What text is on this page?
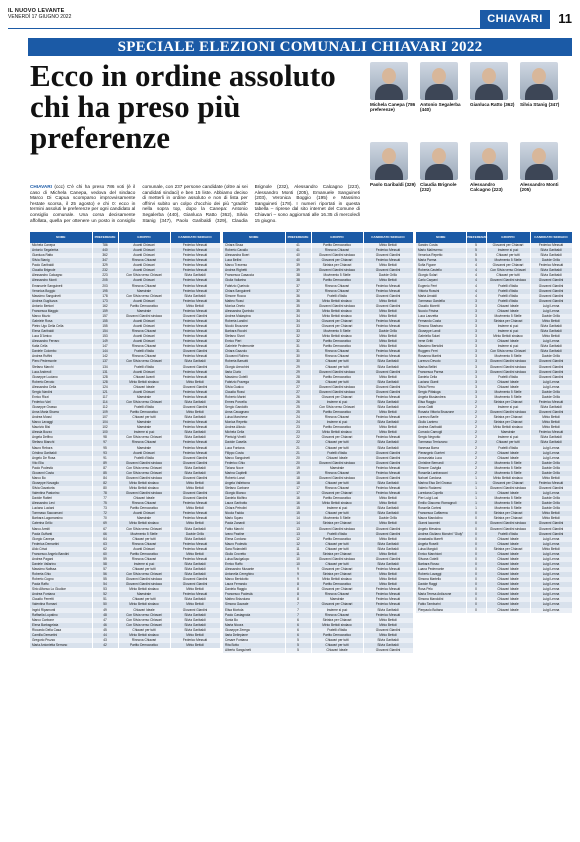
IL NUOVO LEVANTE
VENERDÌ 17 GIUGNO 2022	CHIAVARI	11
SPECIALE ELEZIONI COMUNALI CHIAVARI 2022
Ecco in ordine assoluto chi ha preso più preferenze
Michela Canepa (786 preferenze)
Antonio Segalerba (440)
Gianluca Ratto (362)	Silvia Stanig (347)
Paolo Garibaldi (329) Claudia Brignole (232)
Alessandro Calcagno (223)
Alessandro Monti (205)
CHIAVARI (ccc) C'è chi ha preso 786 voti (è il caso di Michela Canepa, vedova del sindaco Marco Di Capua scomparso improvvisamente l'estate scorsa, il 25 agosto) e chi 0: ecco in termini assoluti le preferenze per ogni candidato al consiglio comunale. Una corsa decisamente affollata, quella per ottenere un posto in consiglio comunale, con 237 persone candidate (oltre ai sei candidati sindaci) e ben 15 liste. Abbiamo deciso di metterli in ordine assoluto e non di lista per offrirvi subito un colpo d'occhio dei più "graditi" nella sopra top, dopo la Canepa: Antonio Segalerba (440), Gianluca Ratto (362), Silvia Stanig (347), Paolo Garibaldi (329), Claudia Brignole (232), Alessandro Calcagno (223), Alessandro Monti (205), Emanuele Sanguineti (203), Veronica Boggio (195) e Massimo Sanguineti (178). I numeri riportati in questa tabella – riprese dal sito internet del Comune di Chiavari – sono aggiornati alle 16.35 di mercoledì 15 giugno.
NOME	PREFERENZE	GRUPPO	CANDIDATO SINDACO
Michela Canepa	786	Avanti Chiavari	Federico Messuti
Antonio Segalerba	440	Avanti Chiavari	Federico Messuti
Gianluca Ratto	362	Avanti Chiavari	Federico Messuti
Silvia Stanig	347	Rinnova Chiavari	Federico Messuti
Paolo Garibaldi	329	Avanti Chiavari	Federico Messuti
Claudia Brignole	232	Avanti Chiavari	Federico Messuti
Alessandro Calcagno	223	Con Silvia verso Chiavari	Silvia Garibaldi
Alessandro Monti	205	Avanti Chiavari	Federico Messuti
Emanuele Sanguineti	203	Rinnova Chiavari	Federico Messuti
Veronica Boggio	195	Maestrale	Federico Messuti
Massimo Sanguineti	178	Con Silvia verso Chiavari	Silvia Garibaldi
Andrea Gugliuzza	173	Avanti Chiavari	Federico Messuti
Antonio Bertoni	162	Partito Democratico	Mirko Bettoli
Francesca Maggio	159	Maestrale	Federico Messuti
Marco Muzio	157	Giovanni Giardini sindaco	Giovanni Giardini
Gabriele Rosa	155	Avanti Chiavari	Federico Messuti
Pietro Ugo Della Cella	155	Avanti Chiavari	Federico Messuti
Elena Garibaldi	154	Rinnova Chiavari	Federico Messuti
Luca D'Amico	153	Avanti Chiavari	Federico Messuti
Alessandro Ferraro	149	Avanti Chiavari	Federico Messuti
Katia Cella	147	Rinnova Chiavari	Federico Messuti
Daniele Colombo	144	Fratelli d'Italia	Giovanni Giardini
Andrea Ruffini	142	Rinnova Chiavari	Federico Messuti
Piero Pedemonte	137	Con Silvia verso Chiavari	Silvia Garibaldi
Stefano Marchi	134	Fratelli d'Italia	Giovanni Giardini
Luca Andreoli	131	Avanti Chiavari	Federico Messuti
Giuseppe Luciano	128	Chiavari Avanti	Federico Messuti
Roberto Devoto	128	Mirko Bettoli sindaco	Mirko Bettoli
Alessandra Cella	124	Chiavari Ideale	Giovanni Giardini
Sergio Nardini	121	Avanti Chiavari	Federico Messuti
Enrico Rizzi	117	Maestrale	Federico Messuti
Federico Vari	114	Con Silvia verso Chiavari	Silvia Garibaldi
Giuseppe Grasso	112	Fratelli d'Italia	Giovanni Giardini
Anna Maria Sbarra	109	Partito Democratico	Mirko Bettoli
Andrea Mossi	107	Chiavari per tutti	Silvia Garibaldi
Marco Lavaggi	104	Maestrale	Federico Messuti
Maurizio Bisi	102	Maestrale	Federico Messuti
Alessia Bozzo	100	Insieme si può	Silvia Garibaldi
Angela Delfino	98	Con Silvia verso Chiavari	Silvia Garibaldi
Stefano Bianchi	97	Rinnova Chiavari	Federico Messuti
Mauro Rebora	95	Maestrale	Federico Messuti
Cristina Garibaldi	93	Avanti Chiavari	Federico Messuti
Angelo De Rosa	91	Fratelli d'Italia	Giovanni Giardini
Vito Elia	89	Giovanni Giardini sindaco	Giovanni Giardini
Paolo Podestà	87	Con Silvia verso Chiavari	Silvia Garibaldi
Giovanni Costa	85	Con Silvia verso Chiavari	Silvia Garibaldi
Marco Bo	84	Giovanni Giardini sindaco	Giovanni Giardini
Giuseppe Novaglio	82	Mirko Bettoli sindaco	Mirko Bettoli
Silvia Gavatorta	80	Mirko Bettoli sindaco	Mirko Bettoli
Valentina Pastorino	78	Giovanni Giardini sindaco	Giovanni Giardini
Davide Raiteri	77	Chiavari Ideale	Giovanni Giardini
Alessandro Levi	75	Rinnova Chiavari	Federico Messuti
Luciano Luciani	73	Partito Democratico	Mirko Bettoli
Tommaso Saccomani	72	Avanti Chiavari	Federico Messuti
Barbara Lagomarsino	70	Maestrale	Federico Messuti
Caterina Grillo	69	Mirko Bettoli sindaco	Mirko Bettoli
Marco Armiti	67	Con Silvia verso Chiavari	Silvia Garibaldi
Paola Guffanti	66	Movimento 5 Stelle	Davide Grillo
Giorgio Canepa	64	Chiavari per tutti	Silvia Garibaldi
Federica Demartini	63	Rinnova Chiavari	Federico Messuti
Aldo Crisci	62	Avanti Chiavari	Federico Messuti
Francesco Angelo Bandini	60	Partito Democratico	Mirko Bettoli
Andrea Pagani	59	Rinnova Chiavari	Federico Messuti
Daniele Vallarino	58	Insieme si può	Silvia Garibaldi
Massimo Nafissa	57	Chiavari per tutti	Silvia Garibaldi
Roberta Ghio	56	Con Silvia verso Chiavari	Silvia Garibaldi
Roberto Cogno	55	Giovanni Giardini sindaco	Giovanni Giardini
Paola Raffo	54	Giovanni Giardini sindaco	Giovanni Giardini
Sirio Alfonso Lo Giudice	53	Mirko Bettoli sindaco	Mirko Bettoli
Andrea Fontana	52	Maestrale	Federico Messuti
Claudio Ferretti	51	Chiavari per tutti	Silvia Garibaldi
Valentina Romani	50	Mirko Bettoli sindaco	Mirko Bettoli
Ingrid Ripamonti	49	Chiavari Ideale	Giovanni Giardini
Raffaella Lupatino	48	Con Silvia verso Chiavari	Silvia Garibaldi
Marco Carbone	47	Con Silvia verso Chiavari	Silvia Garibaldi
Elena Barbagelata	46	Con Silvia verso Chiavari	Silvia Garibaldi
Riccardo Della Casa	45	Chiavari per tutti	Silvia Garibaldi
Camilla Demartini	44	Mirko Bettoli sindaco	Mirko Bettoli
Gregorio Pruzzo	43	Rinnova Chiavari	Federico Messuti
Maria Antonietta Serrano	42	Partito Democratico	Mirko Bettoli
NOME	PREFERENZE	GRUPPO	CANDIDATO SINDACO
Chiara Sissa	41	Partito Democratico	Mirko Bettoli
Roberto Cavallo	41	Rinnova Chiavari	Federico Messuti
Alessandra Boeri	40	Giovanni Giardini sindaco	Giovanni Giardini
Luca Bellini	40	Giovanni per Chiavari	Federico Messuti
Marco Traverso	39	Sinistra per Chiavari	Mirko Bettoli
Andrea Righetti	39	Giovanni Giardini sindaco	Giovanni Giardini
Francesca Casaccia	38	Movimento 5 Stelle	Davide Grillo
Giulia Vallarino	38	Partito Democratico	Mirko Bettoli
Fabrizio Queirolo	37	Rinnova Chiavari	Federico Messuti
Chiara Sanguineti	37	Rinnova Chiavari	Federico Messuti
Simone Rocca	36	Fratelli d'Italia	Giovanni Giardini
Matteo Rossi	36	Mirko Bettoli sindaco	Mirko Bettoli
Monica Oneto	35	Giovanni Giardini sindaco	Giovanni Giardini
Alessandra Queirolo	35	Mirko Bettoli sindaco	Mirko Bettoli
Andrea Malaspina	34	Mirko Bettoli sindaco	Mirko Bettoli
Roberta Landini	34	Giovanni per Chiavari	Federico Messuti
Nicolò Bruzzone	33	Giovanni per Chiavari	Federico Messuti
Barbara Rocchi	33	Movimento 5 Stelle	Davide Grillo
Stefano Sivori	32	Mirko Bettoli sindaco	Mirko Bettoli
Enrico Pieri	32	Partito Democratico	Mirko Bettoli
Gabriele Pedemonte	31	Partito Democratico	Mirko Bettoli
Chiara Gazzolo	31	Rinnova Chiavari	Federico Messuti
Giovanni Rollero	30	Rinnova Chiavari	Federico Messuti
Roberta Barsotti	30	Chiavari per tutti	Silvia Garibaldi
Giorgio Arecchini	29	Chiavari per tutti	Silvia Garibaldi
Ilaria Ciurlo	29	Giovanni Giardini sindaco	Giovanni Giardini
Massimo Gotelli	28	Partito Democratico	Mirko Bettoli
Fabrizio Fravega	28	Chiavari per tutti	Silvia Garibaldi
Silvia Gualco	27	Giovanni Giardini sindaco	Giovanni Giardini
Claudia Rossi	27	Giovanni Giardini sindaco	Giovanni Giardini
Roberto Marini	26	Giovanni per Chiavari	Federico Messuti
Ermes Porcella	26	Insieme si può	Silvia Garibaldi
Sergio Gandolfo	25	Con Silvia verso Chiavari	Silvia Garibaldi
Anna Cavagnaro	25	Partito Democratico	Mirko Bettoli
Luisa Marchese	24	Rinnova Chiavari	Federico Messuti
Monica Repetto	24	Insieme si può	Silvia Garibaldi
Andrea Aliosio	23	Partito Democratico	Mirko Bettoli
Michela Cella	23	Mirko Bettoli sindaco	Mirko Bettoli
Pierluigi Vinelli	22	Giovanni per Chiavari	Federico Messuti
Davide Casella	22	Chiavari per tutti	Silvia Garibaldi
Luca Fontana	21	Chiavari per tutti	Silvia Garibaldi
Filippo Costa	21	Fratelli d'Italia	Giovanni Giardini
Marco Sanguineti	20	Chiavari Ideale	Giovanni Giardini
Federico Ghio	20	Giovanni Giardini sindaco	Giovanni Giardini
Tiziano Noce	19	Maestrale	Federico Messuti
Marina Capitelli	19	Rinnova Chiavari	Federico Messuti
Roberto Lanzi	18	Giovanni Giardini sindaco	Giovanni Giardini
Angela Vallebona	18	Chiavari per tutti	Silvia Garibaldi
Stefano Carbone	17	Rinnova Chiavari	Federico Messuti
Giorgio Bianco	17	Giovanni per Chiavari	Federico Messuti
Daniela Molfino	16	Partito Democratico	Mirko Bettoli
Laura Garibotto	16	Mirko Bettoli sindaco	Mirko Bettoli
Chiara Petrolini	15	Insieme si può	Silvia Garibaldi
Nicola Fadda	15	Chiavari per tutti	Silvia Garibaldi
Mario Squeo	14	Movimento 5 Stelle	Davide Grillo
Paola Zanardi	14	Sinistra per Chiavari	Mirko Bettoli
Fabio Marchi	13	Giovanni Giardini sindaco	Giovanni Giardini
Ivano Pastine	13	Fratelli d'Italia	Giovanni Giardini
Elena Cordano	12	Partito Democratico	Mirko Bettoli
Mauro Podestà	12	Chiavari per tutti	Silvia Garibaldi
Sara Rolandelli	11	Chiavari per tutti	Silvia Garibaldi
Giulio Crovetto	11	Sinistra per Chiavari	Mirko Bettoli
Luisa Bacigalupo	10	Giovanni Giardini sindaco	Giovanni Giardini
Enrico Raffo	10	Chiavari per tutti	Silvia Garibaldi
Alessandro Musante	9	Giovanni per Chiavari	Federico Messuti
Antonella Cereghino	9	Sinistra per Chiavari	Mirko Bettoli
Marco Bertolotto	9	Mirko Bettoli sindaco	Mirko Bettoli
Laura Ferrando	8	Partito Democratico	Mirko Bettoli
Daniela Raggio	8	Giovanni per Chiavari	Federico Messuti
Francesco Podestà	8	Rinnova Chiavari	Federico Messuti
Matteo Brizzolara	8	Maestrale	Federico Messuti
Simona Gazzale	7	Giovanni per Chiavari	Federico Messuti
Elisa Mortola	7	Insieme si può	Silvia Garibaldi
Paolo Castagnola	7	Rinnova Chiavari	Federico Messuti
Sonia Bo	6	Sinistra per Chiavari	Mirko Bettoli
Marta Nicora	6	Mirko Bettoli sindaco	Mirko Bettoli
Giuseppe Zerega	6	Fratelli d'Italia	Giovanni Giardini
Ilaria Dellepiane	6	Partito Democratico	Mirko Bettoli
Cesare Fontana	5	Chiavari per tutti	Silvia Garibaldi
Rita Botto	5	Chiavari per tutti	Silvia Garibaldi
Alberto Sanguineti	5	Chiavari Ideale	Giovanni Giardini
NOME	PREFERENZE	GRUPPO	CANDIDATO SINDACO
Sandro Costa	5	Giovanni per Chiavari	Federico Messuti
Mario Malinverno	5	Insieme si può	Silvia Garibaldi
Veronica Repetto	5	Chiavari per tutti	Silvia Garibaldi
Maria Parma	5	Movimento 5 Stelle	Davide Grillo
Sofia Figone	4	Giovanni per Chiavari	Federico Messuti
Roberta Castello	4	Con Silvia verso Chiavari	Silvia Garibaldi
Giorgio Solari	4	Chiavari per tutti	Silvia Garibaldi
Carlo Carpani	4	Giovanni Giardini sindaco	Giovanni Giardini
Eugenio Ferri	4	Fratelli d'Italia	Giovanni Giardini
Vittoria Rossini	4	Fratelli d'Italia	Giovanni Giardini
Marta Arnaldi	4	Fratelli d'Italia	Giovanni Giardini
Tommaso Gardella	3	Fratelli d'Italia	Giovanni Giardini
Claudio Moretti	3	Chiavari Ideale	Luigi Lenna
Nuccio Frisina	3	Chiavari Ideale	Luigi Lenna
Luca Lanzetta	3	Movimento 5 Stelle	Davide Grillo
Fernando Costa	3	Sinistra per Chiavari	Mirko Bettoli
Simona Sbarbaro	3	Insieme si può	Silvia Garibaldi
Giuseppe Landi	3	Insieme si può	Silvia Garibaldi
Gabriella Solari	3	Mirko Bettoli sindaco	Mirko Bettoli
Irene Gritti	3	Chiavari Ideale	Luigi Lenna
Massimo Bertolini	3	Insieme si può	Silvia Garibaldi
Ruggero Ferri	3	Con Silvia verso Chiavari	Silvia Garibaldi
Rosanna Martini	3	Movimento 5 Stelle	Davide Grillo
Lorenzo Devoto	3	Giovanni Giardini sindaco	Giovanni Giardini
Marisa Bellini	3	Giovanni Giardini sindaco	Giovanni Giardini
Francesca Parma	3	Giovanni Giardini sindaco	Giovanni Giardini
Daniela Cella	3	Fratelli d'Italia	Giovanni Giardini
Luciano Gianti	3	Chiavari Ideale	Luigi Lenna
Silvia Fierro	3	Chiavari Ideale	Luigi Lenna
Sergio Pittaluga	3	Movimento 5 Stelle	Davide Grillo
Angela Musiandrea	3	Movimento 5 Stelle	Davide Grillo
Elisa Raggio	2	Sinistra per Chiavari	Federico Messuti
Anna Gatti	2	Insieme si può	Silvia Garibaldi
Rosaria Vittoria Bruzzone	2	Giovanni Giardini sindaco	Giovanni Giardini
Lorenzo Barile	2	Sinistra per Chiavari	Mirko Bettoli
Giulio Lantero	2	Sinistra per Chiavari	Mirko Bettoli
Andrea Garibaldi	2	Mirko Bettoli sindaco	Mirko Bettoli
Corrado Camogli	2	Maestrale	Federico Messuti
Sergio Negrotto	2	Insieme si può	Silvia Garibaldi
Tommaso Terrizzano	2	Chiavari per tutti	Silvia Garibaldi
Vanessa Barra	2	Fratelli d'Italia	Luigi Lenna
Pierangelo Gurrieri	2	Chiavari Ideale	Luigi Lenna
Annunziata Luca	2	Chiavari Ideale	Luigi Lenna
Christine Bernardi	2	Movimento 5 Stelle	Davide Grillo
Simone Caviglia	2	Movimento 5 Stelle	Davide Grillo
Rossella Lanfranconi	2	Movimento 5 Stelle	Davide Grillo
Nahuel Cardona	1	Mirko Bettoli sindaco	Mirko Bettoli
Marina Elsa Del Grosso	1	Giovanni per Chiavari	Federico Messuti
Valerio Rodaresi	1	Giovanni Giardini sindaco	Giovanni Giardini
Loredana Copello	1	Chiavari Ideale	Luigi Lenna
Pier Luigi Lusi	1	Movimento 5 Stelle	Davide Grillo
Emilio Giacomo Romagnoli	1	Movimento 5 Stelle	Davide Grillo
Rossella Cortesi	1	Movimento 5 Stelle	Davide Grillo
Francesca Caffarena	0	Sinistra per Chiavari	Mirko Bettoli
Maura Mandolino	0	Sinistra per Chiavari	Mirko Bettoli
Gianni Iacomini	0	Giovanni Giardini sindaco	Giovanni Giardini
Angelo Messina	0	Giovanni Giardini sindaco	Giovanni Giardini
Andrea Giuliano Monzini "Giuly"	0	Fratelli d'Italia	Giovanni Giardini
Anastasiia Mareft	0	Chiavari Ideale	Luigi Lenna
Angela Roselli	0	Chiavari Ideale	Luigi Lenna
Luisa Margioli	0	Sinistra per Chiavari	Mirko Bettoli
Enrico Marchioni	0	Chiavari Ideale	Luigi Lenna
Silvana Gotelli	0	Chiavari Ideale	Luigi Lenna
Barbara Rosso	0	Chiavari Ideale	Luigi Lenna
Luana Pedemonte	0	Chiavari Ideale	Luigi Lenna
Roberto Lavaggi	0	Chiavari Ideale	Luigi Lenna
Simona Martello	0	Chiavari Ideale	Luigi Lenna
Davide Raggi	0	Chiavari Ideale	Luigi Lenna
Rosa Pelo	0	Chiavari Ideale	Luigi Lenna
Maria Teresa Ardizzone	0	Chiavari Ideale	Luigi Lenna
Simona Mandolini	0	Chiavari Ideale	Luigi Lenna
Fabio Tamburini	0	Chiavari Ideale	Luigi Lenna
Pierpaolo Boitano	0	Chiavari Ideale	Luigi Lenna
